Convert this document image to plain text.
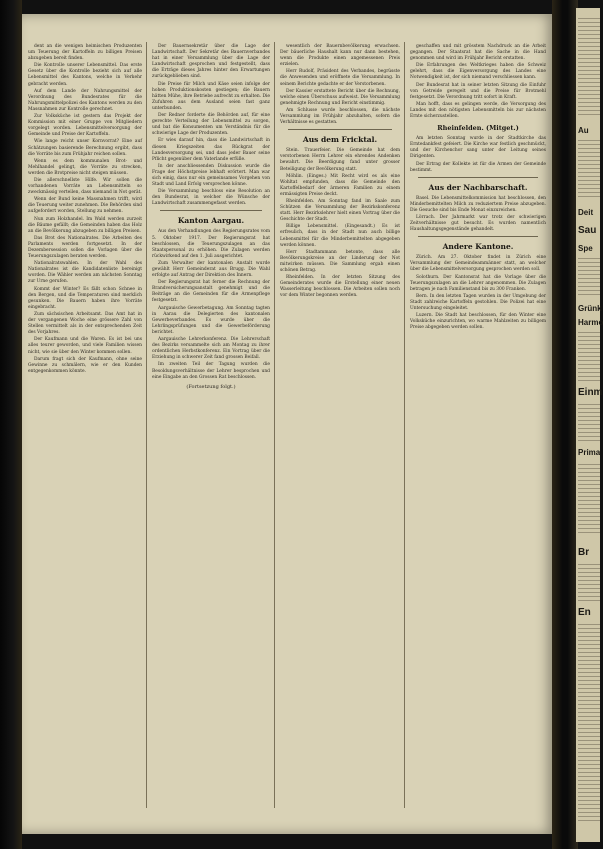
dent an die wenigen heimischen Produzenten um Teuerung der Kartoffeln zu billigen Preisen abzugeben bereit finden.

Die Kontrolle unserer Lebensmittel. Das erste Gesetz über die Kontrolle bezieht sich auf alle Lebensmittel des Kantons, welche in Verkehr gebracht werden.

Auf dem Lande der Nahrungsmittel der Verordnung des Bundesrates für die Nahrungsmittelpolizei des Kantons werden zu den Massnahmen zur Kontrolle gerechnet.

Zur Volksküche ist gestern das Projekt der Kommission mit einer Gruppe von Mitgliedern vorgelegt worden. Lebensmittelversorgung der Gemeinde und Preise der Kartoffeln.

Wie lange reicht unser Kornvorrat? Eine auf Schätzungen basierende Berechnung ergibt, dass die Vorräte bis zum Frühjahr reichen sollen.

Wenn es dem kommunalen Brot- und Mehlhandel gelingt, die Vorräte zu strecken, werden die Brotpreise nicht steigen müssen.

Die allerschnellste Hilfe. Wir sollen die vorhandenen Vorräte an Lebensmitteln so zweckmässig verteilen, dass niemand in Not gerät.

Wenn der Bund keine Massnahmen trifft, wird die Teuerung weiter zunehmen. Die Behörden sind aufgefordert worden, Stellung zu nehmen.

Nun zum Holzhandel. Im Wald werden zurzeit die Bäume gefällt; die Gemeinden haben das Holz an die Bevölkerung abzugeben zu billigen Preisen.

Das Brot des Nationalrates. Die Arbeiten des Parlaments werden fortgesetzt. In der Dezembersession sollen die Vorlagen über die Teuerungszulagen beraten werden.

Nationalratswahlen. In der Wahl des Nationalrates ist die Kandidatenliste bereinigt worden. Die Wähler werden am nächsten Sonntag zur Urne gerufen.

Kommt der Winter? Es fällt schon Schnee in den Bergen, und die Temperaturen sind merklich gesunken. Die Bauern haben ihre Vorräte eingebracht.

Zum sächsischen Arbeitsamt. Das Amt hat in der vergangenen Woche eine grössere Zahl von Stellen vermittelt als in der entsprechenden Zeit des Vorjahres.

Der Kaufmann und die Waren. Es ist bei uns alles teurer geworden, und viele Familien wissen nicht, wie sie über den Winter kommen sollen.

Darum fragt sich der Kaufmann, ohne seine Gewinne zu schmälern, wie er den Kunden entgegenkommen könnte.

Der Bauernsekretär über die Lage der Landwirtschaft. Der Sekretär des Bauernverbandes hat in einer Versammlung über die Lage der Landwirtschaft gesprochen und festgestellt, dass die Erträge dieses Jahres hinter den Erwartungen zurückgeblieben sind.

Die Preise für Milch und Käse seien infolge der hohen Produktionskosten gestiegen; die Bauern hätten Mühe, ihre Betriebe aufrecht zu erhalten. Die Zufuhren aus dem Ausland seien fast ganz unterbunden.

Der Redner forderte die Behörden auf, für eine gerechte Verteilung der Lebensmittel zu sorgen, und bat die Konsumenten um Verständnis für die schwierige Lage der Produzenten.

Er wies darauf hin, dass die Landwirtschaft in diesen Kriegszeiten das Rückgrat der Landesversorgung sei, und dass jeder Bauer seine Pflicht gegenüber dem Vaterlande erfülle.

In der anschliessenden Diskussion wurde die Frage der Höchstpreise lebhaft erörtert. Man war sich einig, dass nur ein gemeinsames Vorgehen von Stadt und Land Erfolg versprechen könne.

Die Versammlung beschloss eine Resolution an den Bundesrat, in welcher die Wünsche der Landwirtschaft zusammengefasst werden.

Kanton Aargau.

Aus den Verhandlungen des Regierungsrates vom 5. Oktober 1917. Der Regierungsrat hat beschlossen, die Teuerungszulagen an das Staatspersonal zu erhöhen. Die Zulagen werden rückwirkend auf den 1. Juli ausgerichtet.

Zum Verwalter der kantonalen Anstalt wurde gewählt Herr Gemeinderat aus Brugg. Die Wahl erfolgte auf Antrag der Direktion des Innern.

Der Regierungsrat hat ferner die Rechnung der Brandversicherungsanstalt genehmigt und die Beiträge an die Gemeinden für die Armenpflege festgesetzt.

Aargauische Gewerbetagung. Am Sonntag tagten in Aarau die Delegierten des kantonalen Gewerbeverbandes. Es wurde über die Lehrlingsprüfungen und die Gewerbeförderung berichtet.

Aargauische Lehrerkonferenz. Die Lehrerschaft des Bezirks versammelte sich am Montag zu ihrer ordentlichen Herbstkonferenz. Ein Vortrag über die Erziehung in schwerer Zeit fand grossen Beifall.

Im zweiten Teil der Tagung wurden die Besoldungsverhältnisse der Lehrer besprochen und eine Eingabe an den Grossen Rat beschlossen.

(Fortsetzung folgt.)

wesentlich der Bauernbevölkerung erwachsen. Der bäuerliche Haushalt kann nur dann bestehen, wenn die Produkte einen angemessenen Preis erzielen.

Herr Rudolf, Präsident des Verbandes, begrüsste die Anwesenden und eröffnete die Versammlung. In seinem Berichte gedachte er der Verstorbenen.

Der Kassier erstattete Bericht über die Rechnung, welche einen Überschuss aufweist. Die Versammlung genehmigte Rechnung und Bericht einstimmig.

Am Schlusse wurde beschlossen, die nächste Versammlung im Frühjahr abzuhalten, sofern die Verhältnisse es gestatten.

Aus dem Fricktal.

Stein. Trauerfeier. Die Gemeinde hat dem verstorbenen Herrn Lehrer ein ehrendes Andenken bewahrt. Die Beerdigung fand unter grosser Beteiligung der Bevölkerung statt.

Möhlin. (Einges.) Mit Recht wird es als eine Wohltat empfunden, dass die Gemeinde den Kartoffelbedarf der ärmeren Familien zu einem ermässigten Preise deckt.

Rheinfelden. Am Sonntag fand im Saale zum Schützen die Versammlung der Bezirkskonferenz statt. Herr Bezirkslehrer hielt einen Vortrag über die Geschichte der Stadt.

Billige Lebensmittel. (Eingesandt.) Es ist erfreulich, dass in der Stadt nun auch billige Lebensmittel für die Minderbemittelten abgegeben werden können.

Herr Stadtammann betonte, dass alle Bevölkerungskreise an der Linderung der Not mitwirken müssen. Die Sammlung ergab einen schönen Betrag.

Rheinfelden. In der letzten Sitzung des Gemeinderates wurde die Erstellung einer neuen Wasserleitung beschlossen. Die Arbeiten sollen noch vor dem Winter begonnen werden.

geschaffen und mit grösstem Nachdruck an die Arbeit gegangen. Der Staatsrat hat die Sache in die Hand genommen und wird im Frühjahr Bericht erstatten.

Die Erfahrungen des Weltkrieges haben die Schweiz gelehrt, dass die Eigenversorgung des Landes eine Notwendigkeit ist, der sich niemand verschliessen kann.

Der Bundesrat hat in seiner letzten Sitzung die Einfuhr von Getreide geregelt und die Preise für Brotmehl festgesetzt. Die Verordnung tritt sofort in Kraft.

Man hofft, dass es gelingen werde, die Versorgung des Landes mit den nötigsten Lebensmitteln bis zur nächsten Ernte sicherzustellen.

Rheinfelden. (Mitget.)

Am letzten Sonntag wurde in der Stadtkirche das Erntedankfest gefeiert. Die Kirche war festlich geschmückt, und der Kirchenchor sang unter der Leitung seines Dirigenten.

Der Ertrag der Kollekte ist für die Armen der Gemeinde bestimmt.

Aus der Nachbarschaft.

Basel. Die Lebensmittelkommission hat beschlossen, den Minderbemittelten Milch zu reduziertem Preise abzugeben. Die Gesuche sind bis Ende Monat einzureichen.

Lörrach. Der Jahrmarkt war trotz der schwierigen Zeitverhältnisse gut besucht. Es wurden namentlich Haushaltungsgegenstände gehandelt.

Andere Kantone.

Zürich. Am 27. Oktober findet in Zürich eine Versammlung der Gemeindeammänner statt, an welcher über die Lebensmittelversorgung gesprochen werden soll.

Solothurn. Der Kantonsrat hat die Vorlage über die Teuerungszulagen an die Lehrer angenommen. Die Zulagen betragen je nach Familienstand bis zu 300 Franken.

Bern. In den letzten Tagen wurden in der Umgebung der Stadt zahlreiche Kartoffeln gestohlen. Die Polizei hat eine Untersuchung eingeleitet.

Luzern. Die Stadt hat beschlossen, für den Winter eine Volksküche einzurichten, wo warme Mahlzeiten zu billigem Preise abgegeben werden sollen.

Au
Deit
Sau
Spe
Grünk
Harmo
Einm
Prima
Br
En
